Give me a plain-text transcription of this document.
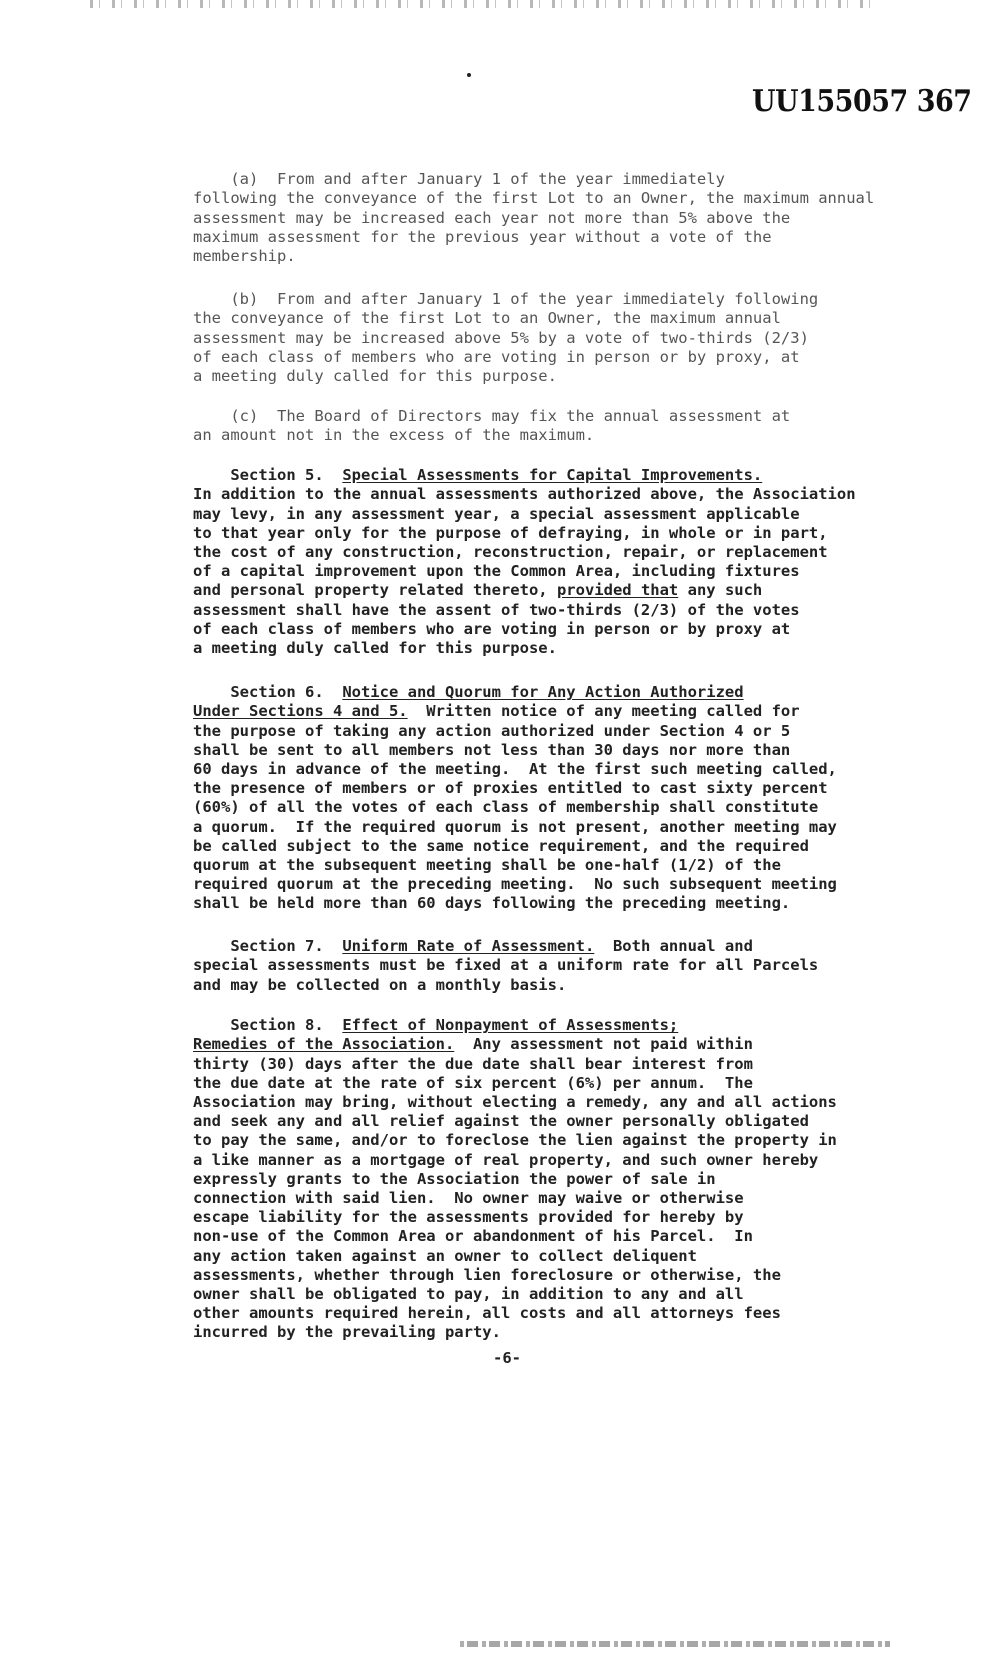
UU155057 367

(a)  From and after January 1 of the year immediately
following the conveyance of the first Lot to an Owner, the maximum annual
assessment may be increased each year not more than 5% above the
maximum assessment for the previous year without a vote of the
membership.

(b)  From and after January 1 of the year immediately following
the conveyance of the first Lot to an Owner, the maximum annual
assessment may be increased above 5% by a vote of two-thirds (2/3)
of each class of members who are voting in person or by proxy, at
a meeting duly called for this purpose.

(c)  The Board of Directors may fix the annual assessment at
an amount not in the excess of the maximum.

Section 5.  Special Assessments for Capital Improvements.
In addition to the annual assessments authorized above, the Association
may levy, in any assessment year, a special assessment applicable
to that year only for the purpose of defraying, in whole or in part,
the cost of any construction, reconstruction, repair, or replacement
of a capital improvement upon the Common Area, including fixtures
and personal property related thereto, provided that any such
assessment shall have the assent of two-thirds (2/3) of the votes
of each class of members who are voting in person or by proxy at
a meeting duly called for this purpose.

Section 6.  Notice and Quorum for Any Action Authorized
Under Sections 4 and 5.  Written notice of any meeting called for
the purpose of taking any action authorized under Section 4 or 5
shall be sent to all members not less than 30 days nor more than
60 days in advance of the meeting.  At the first such meeting called,
the presence of members or of proxies entitled to cast sixty percent
(60%) of all the votes of each class of membership shall constitute
a quorum.  If the required quorum is not present, another meeting may
be called subject to the same notice requirement, and the required
quorum at the subsequent meeting shall be one-half (1/2) of the
required quorum at the preceding meeting.  No such subsequent meeting
shall be held more than 60 days following the preceding meeting.

Section 7.  Uniform Rate of Assessment.  Both annual and
special assessments must be fixed at a uniform rate for all Parcels
and may be collected on a monthly basis.

Section 8.  Effect of Nonpayment of Assessments;
Remedies of the Association.  Any assessment not paid within
thirty (30) days after the due date shall bear interest from
the due date at the rate of six percent (6%) per annum.  The
Association may bring, without electing a remedy, any and all actions
and seek any and all relief against the owner personally obligated
to pay the same, and/or to foreclose the lien against the property in
a like manner as a mortgage of real property, and such owner hereby
expressly grants to the Association the power of sale in
connection with said lien.  No owner may waive or otherwise
escape liability for the assessments provided for hereby by
non-use of the Common Area or abandonment of his Parcel.  In
any action taken against an owner to collect deliquent
assessments, whether through lien foreclosure or otherwise, the
owner shall be obligated to pay, in addition to any and all
other amounts required herein, all costs and all attorneys fees
incurred by the prevailing party.

-6-
